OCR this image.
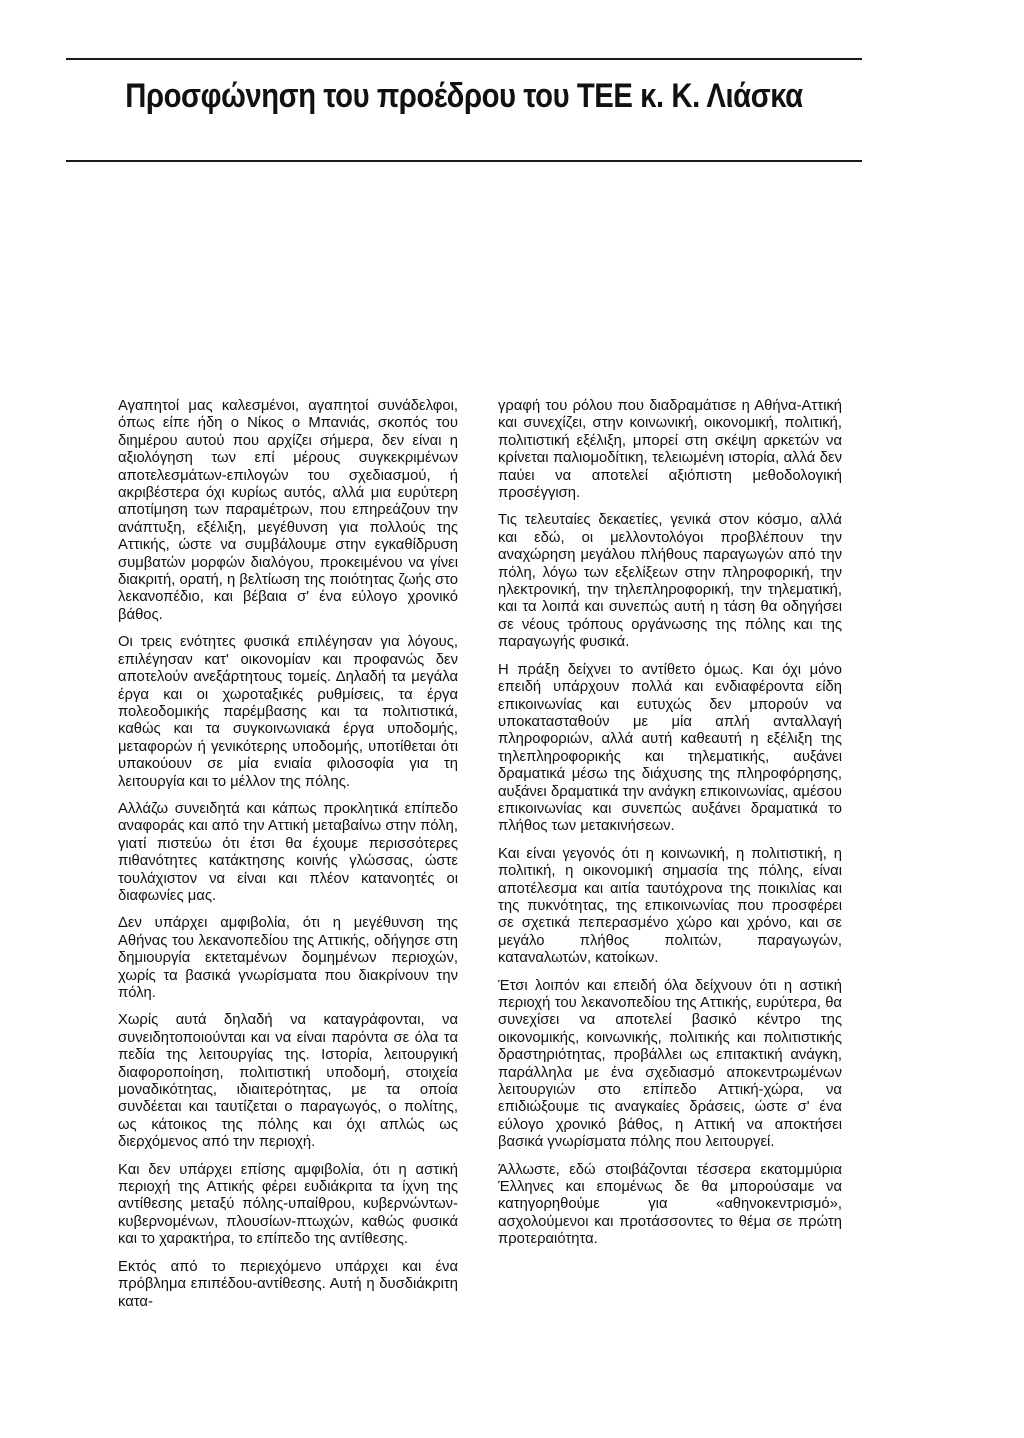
Προσφώνηση του προέδρου του ΤΕΕ κ. Κ. Λιάσκα

Αγαπητοί μας καλεσμένοι, αγαπητοί συνάδελφοι, όπως είπε ήδη ο Νίκος ο Μπανιάς, σκοπός του διημέρου αυτού που αρχίζει σήμερα, δεν είναι η αξιολόγηση των επί μέρους συγκεκριμένων αποτελεσμάτων-επιλογών του σχεδιασμού, ή ακριβέστερα όχι κυρίως αυτός, αλλά μια ευρύτερη αποτίμηση των παραμέτρων, που επηρεάζουν την ανάπτυξη, εξέλιξη, μεγέθυνση για πολλούς της Αττικής, ώστε να συμβάλουμε στην εγκαθίδρυση συμβατών μορφών διαλόγου, προκειμένου να γίνει διακριτή, ορατή, η βελτίωση της ποιότητας ζωής στο λεκανοπέδιο, και βέβαια σ' ένα εύλογο χρονικό βάθος.

Οι τρεις ενότητες φυσικά επιλέγησαν για λόγους, επιλέγησαν κατ' οικονομίαν και προφανώς δεν αποτελούν ανεξάρτητους τομείς. Δηλαδή τα μεγάλα έργα και οι χωροταξικές ρυθμίσεις, τα έργα πολεοδομικής παρέμβασης και τα πολιτιστικά, καθώς και τα συγκοινωνιακά έργα υποδομής, μεταφορών ή γενικότερης υποδομής, υποτίθεται ότι υπακούουν σε μία ενιαία φιλοσοφία για τη λειτουργία και το μέλλον της πόλης.

Αλλάζω συνειδητά και κάπως προκλητικά επίπεδο αναφοράς και από την Αττική μεταβαίνω στην πόλη, γιατί πιστεύω ότι έτσι θα έχουμε περισσότερες πιθανότητες κατάκτησης κοινής γλώσσας, ώστε τουλάχιστον να είναι και πλέον κατανοητές οι διαφωνίες μας.

Δεν υπάρχει αμφιβολία, ότι η μεγέθυνση της Αθήνας του λεκανοπεδίου της Αττικής, οδήγησε στη δημιουργία εκτεταμένων δομημένων περιοχών, χωρίς τα βασικά γνωρίσματα που διακρίνουν την πόλη.

Χωρίς αυτά δηλαδή να καταγράφονται, να συνειδητοποιούνται και να είναι παρόντα σε όλα τα πεδία της λειτουργίας της. Ιστορία, λειτουργική διαφοροποίηση, πολιτιστική υποδομή, στοιχεία μοναδικότητας, ιδιαιτερότητας, με τα οποία συνδέεται και ταυτίζεται ο παραγωγός, ο πολίτης, ως κάτοικος της πόλης και όχι απλώς ως διερχόμενος από την περιοχή.

Και δεν υπάρχει επίσης αμφιβολία, ότι η αστική περιοχή της Αττικής φέρει ευδιάκριτα τα ίχνη της αντίθεσης μεταξύ πόλης-υπαίθρου, κυβερνώντων-κυβερνομένων, πλουσίων-πτωχών, καθώς φυσικά και το χαρακτήρα, το επίπεδο της αντίθεσης.

Εκτός από το περιεχόμενο υπάρχει και ένα πρόβλημα επιπέδου-αντίθεσης. Αυτή η δυσδιάκριτη κατα-

γραφή του ρόλου που διαδραμάτισε η Αθήνα-Αττική και συνεχίζει, στην κοινωνική, οικονομική, πολιτική, πολιτιστική εξέλιξη, μπορεί στη σκέψη αρκετών να κρίνεται παλιομοδίτικη, τελειωμένη ιστορία, αλλά δεν παύει να αποτελεί αξιόπιστη μεθοδολογική προσέγγιση.

Τις τελευταίες δεκαετίες, γενικά στον κόσμο, αλλά και εδώ, οι μελλοντολόγοι προβλέπουν την αναχώρηση μεγάλου πλήθους παραγωγών από την πόλη, λόγω των εξελίξεων στην πληροφορική, την ηλεκτρονική, την τηλεπληροφορική, την τηλεματική, και τα λοιπά και συνεπώς αυτή η τάση θα οδηγήσει σε νέους τρόπους οργάνωσης της πόλης και της παραγωγής φυσικά.

Η πράξη δείχνει το αντίθετο όμως. Και όχι μόνο επειδή υπάρχουν πολλά και ενδιαφέροντα είδη επικοινωνίας και ευτυχώς δεν μπορούν να υποκατασταθούν με μία απλή ανταλλαγή πληροφοριών, αλλά αυτή καθεαυτή η εξέλιξη της τηλεπληροφορικής και τηλεματικής, αυξάνει δραματικά μέσω της διάχυσης της πληροφόρησης, αυξάνει δραματικά την ανάγκη επικοινωνίας, αμέσου επικοινωνίας και συνεπώς αυξάνει δραματικά το πλήθος των μετακινήσεων.

Και είναι γεγονός ότι η κοινωνική, η πολιτιστική, η πολιτική, η οικονομική σημασία της πόλης, είναι αποτέλεσμα και αιτία ταυτόχρονα της ποικιλίας και της πυκνότητας, της επικοινωνίας που προσφέρει σε σχετικά πεπερασμένο χώρο και χρόνο, και σε μεγάλο πλήθος πολιτών, παραγωγών, καταναλωτών, κατοίκων.

Έτσι λοιπόν και επειδή όλα δείχνουν ότι η αστική περιοχή του λεκανοπεδίου της Αττικής, ευρύτερα, θα συνεχίσει να αποτελεί βασικό κέντρο της οικονομικής, κοινωνικής, πολιτικής και πολιτιστικής δραστηριότητας, προβάλλει ως επιτακτική ανάγκη, παράλληλα με ένα σχεδιασμό αποκεντρωμένων λειτουργιών στο επίπεδο Αττική-χώρα, να επιδιώξουμε τις αναγκαίες δράσεις, ώστε σ' ένα εύλογο χρονικό βάθος, η Αττική να αποκτήσει βασικά γνωρίσματα πόλης που λειτουργεί.

Άλλωστε, εδώ στοιβάζονται τέσσερα εκατομμύρια Έλληνες και επομένως δε θα μπορούσαμε να κατηγορηθούμε για «αθηνοκεντρισμό», ασχολούμενοι και προτάσσοντες το θέμα σε πρώτη προτεραιότητα.
